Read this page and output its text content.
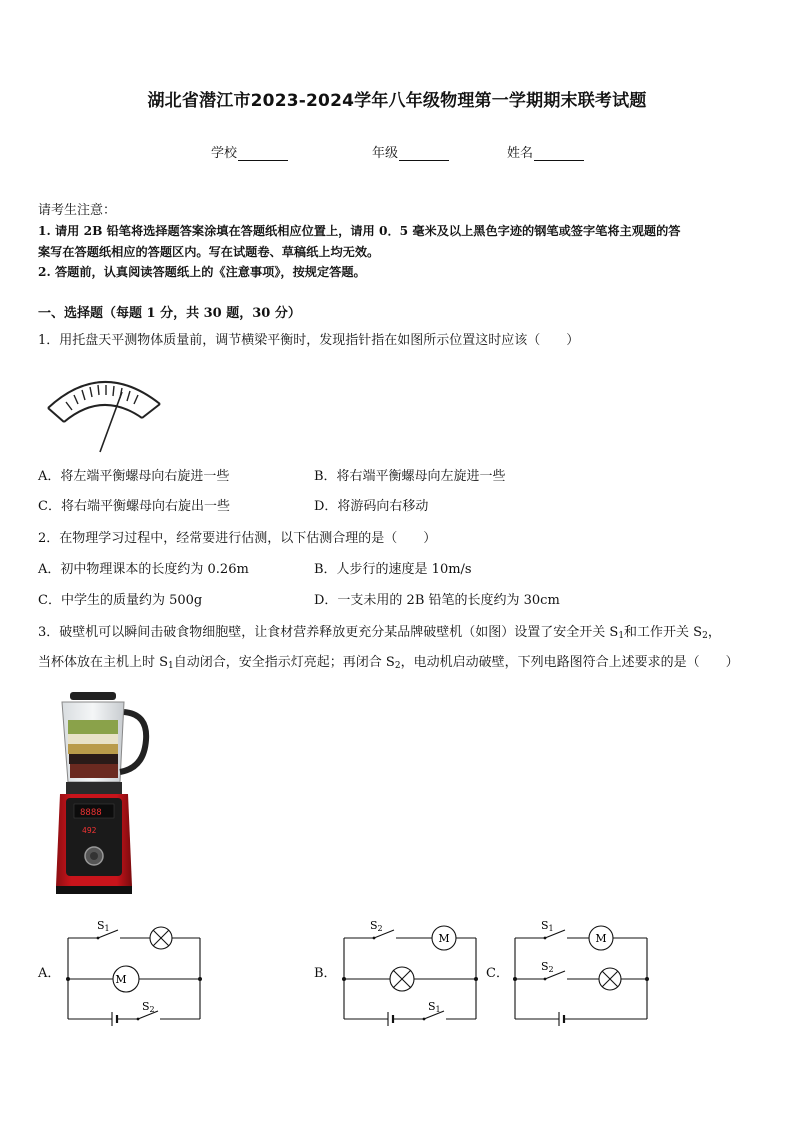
湖北省潜江市2023-2024学年八年级物理第一学期期末联考试题
学校	年级	姓名
请考生注意：
1. 请用 2B 铅笔将选择题答案涂填在答题纸相应位置上，请用 0．5 毫米及以上黑色字迹的钢笔或签字笔将主观题的答
案写在答题纸相应的答题区内。写在试题卷、草稿纸上均无效。
2. 答题前，认真阅读答题纸上的《注意事项》，按规定答题。
一、选择题（每题 1 分，共 30 题，30 分）
1．用托盘天平测物体质量前，调节横梁平衡时，发现指针指在如图所示位置这时应该（　　）
A．将左端平衡螺母向右旋进一些	B．将右端平衡螺母向左旋进一些
C．将右端平衡螺母向右旋出一些	D．将游码向右移动
2．在物理学习过程中，经常要进行估测，以下估测合理的是（　　）
A．初中物理课本的长度约为 0.26m	B．人步行的速度是 10m/s
C．中学生的质量约为 500g	D．一支未用的 2B 铅笔的长度约为 30cm
3．破壁机可以瞬间击破食物细胞壁，让食材营养释放更充分某品牌破壁机（如图）设置了安全开关 $S_1$和工作开关 $S_2$，
当杯体放在主机上时 $S_1$自动闭合，安全指示灯亮起；再闭合 $S_2$，电动机启动破壁，下列电路图符合上述要求的是（　　）
8888
492
A．	B．	C．
M
S1
S2
M
S2
S1
M
S1
S2
